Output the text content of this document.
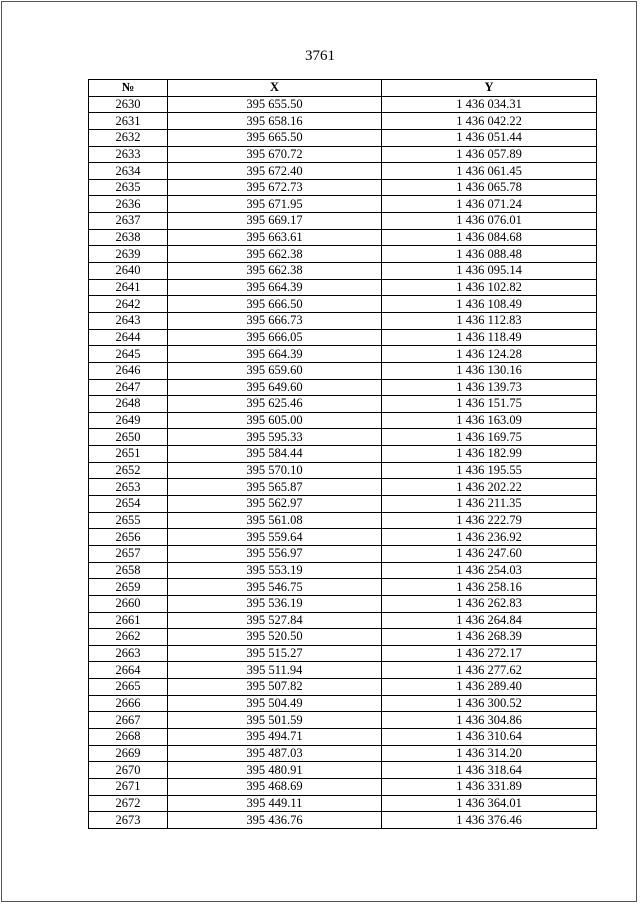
3761
№	X	Y
2630	395 655.50	1 436 034.31
2631	395 658.16	1 436 042.22
2632	395 665.50	1 436 051.44
2633	395 670.72	1 436 057.89
2634	395 672.40	1 436 061.45
2635	395 672.73	1 436 065.78
2636	395 671.95	1 436 071.24
2637	395 669.17	1 436 076.01
2638	395 663.61	1 436 084.68
2639	395 662.38	1 436 088.48
2640	395 662.38	1 436 095.14
2641	395 664.39	1 436 102.82
2642	395 666.50	1 436 108.49
2643	395 666.73	1 436 112.83
2644	395 666.05	1 436 118.49
2645	395 664.39	1 436 124.28
2646	395 659.60	1 436 130.16
2647	395 649.60	1 436 139.73
2648	395 625.46	1 436 151.75
2649	395 605.00	1 436 163.09
2650	395 595.33	1 436 169.75
2651	395 584.44	1 436 182.99
2652	395 570.10	1 436 195.55
2653	395 565.87	1 436 202.22
2654	395 562.97	1 436 211.35
2655	395 561.08	1 436 222.79
2656	395 559.64	1 436 236.92
2657	395 556.97	1 436 247.60
2658	395 553.19	1 436 254.03
2659	395 546.75	1 436 258.16
2660	395 536.19	1 436 262.83
2661	395 527.84	1 436 264.84
2662	395 520.50	1 436 268.39
2663	395 515.27	1 436 272.17
2664	395 511.94	1 436 277.62
2665	395 507.82	1 436 289.40
2666	395 504.49	1 436 300.52
2667	395 501.59	1 436 304.86
2668	395 494.71	1 436 310.64
2669	395 487.03	1 436 314.20
2670	395 480.91	1 436 318.64
2671	395 468.69	1 436 331.89
2672	395 449.11	1 436 364.01
2673	395 436.76	1 436 376.46
